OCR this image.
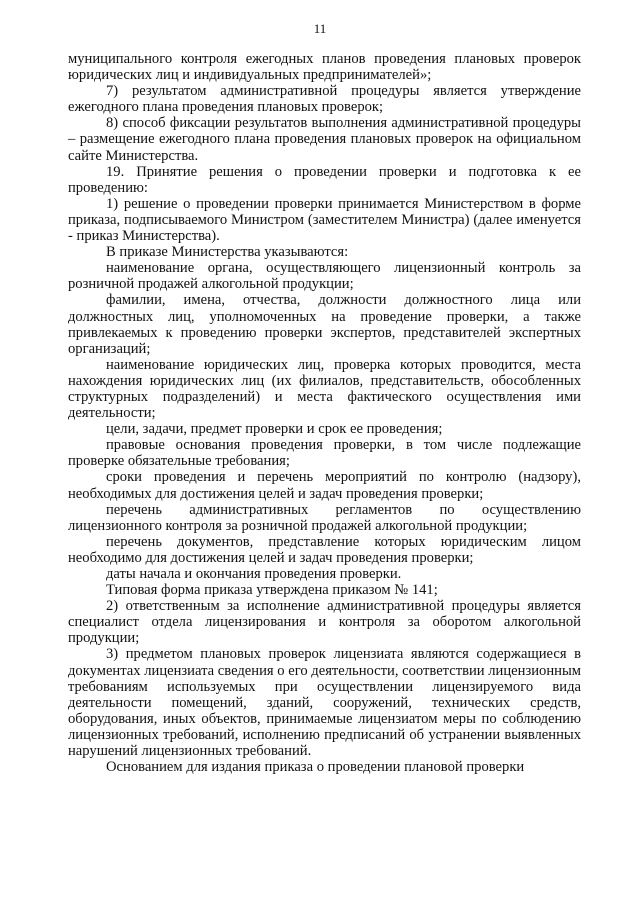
11

муниципального контроля ежегодных планов проведения плановых проверок юридических лиц и индивидуальных предпринимателей»;

7) результатом административной процедуры является утверждение ежегодного плана проведения плановых проверок;

8) способ фиксации результатов выполнения административной процедуры – размещение ежегодного плана проведения плановых проверок на официальном сайте Министерства.

19. Принятие решения о проведении проверки и подготовка к ее проведению:

1) решение о проведении проверки принимается Министерством в форме приказа, подписываемого Министром (заместителем Министра) (далее именуется - приказ Министерства).

В приказе Министерства указываются:

наименование органа, осуществляющего лицензионный контроль за розничной продажей алкогольной продукции;

фамилии, имена, отчества, должности должностного лица или должностных лиц, уполномоченных на проведение проверки, а также привлекаемых к проведению проверки экспертов, представителей экспертных организаций;

наименование юридических лиц, проверка которых проводится, места нахождения юридических лиц (их филиалов, представительств, обособленных структурных подразделений) и места фактического осуществления ими деятельности;

цели, задачи, предмет проверки и срок ее проведения;

правовые основания проведения проверки, в том числе подлежащие проверке обязательные требования;

сроки проведения и перечень мероприятий по контролю (надзору), необходимых для достижения целей и задач проведения проверки;

перечень административных регламентов по осуществлению лицензионного контроля за розничной продажей алкогольной продукции;

перечень документов, представление которых юридическим лицом необходимо для достижения целей и задач проведения проверки;

даты начала и окончания проведения проверки.

Типовая форма приказа утверждена приказом № 141;

2) ответственным за исполнение административной процедуры является специалист отдела лицензирования и контроля за оборотом алкогольной продукции;

3) предметом плановых проверок лицензиата являются содержащиеся в документах лицензиата сведения о его деятельности, соответствии лицензионным требованиям используемых при осуществлении лицензируемого вида деятельности помещений, зданий, сооружений, технических средств, оборудования, иных объектов, принимаемые лицензиатом меры по соблюдению лицензионных требований, исполнению предписаний об устранении выявленных нарушений лицензионных требований.

Основанием для издания приказа о проведении плановой проверки
